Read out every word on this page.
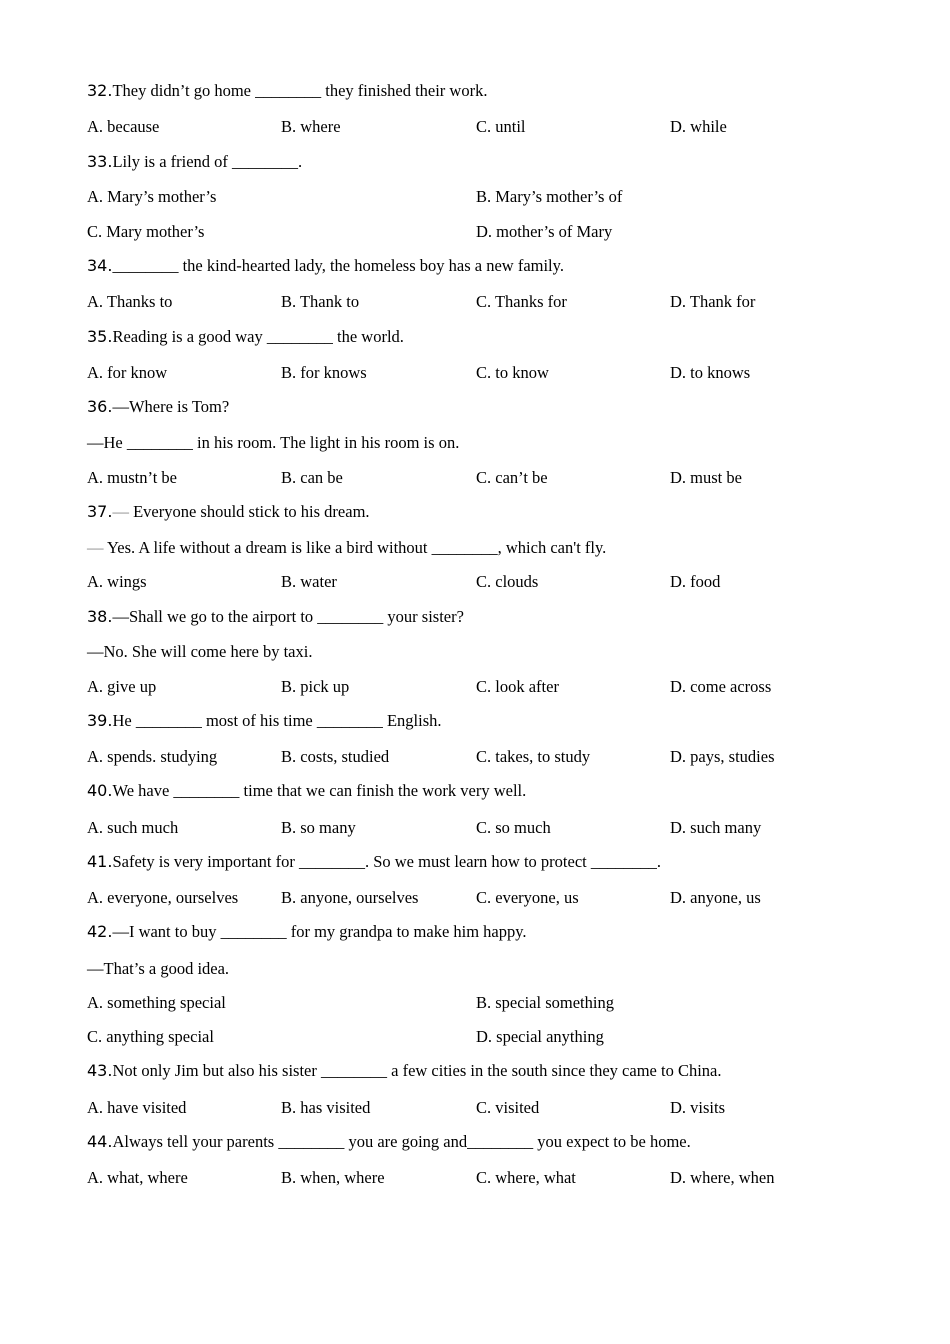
32.They didn’t go home ________ they finished their work.
A. because	B. where	C. until	D. while
33.Lily is a friend of ________.
A. Mary’s mother’s	B. Mary’s mother’s of
C. Mary mother’s	D. mother’s of Mary
34.________ the kind-hearted lady, the homeless boy has a new family.
A. Thanks to	B. Thank to	C. Thanks for	D. Thank for
35.Reading is a good way ________ the world.
A. for know	B. for knows	C. to know	D. to knows
36.—Where is Tom?
—He ________ in his room. The light in his room is on.
A. mustn’t be	B. can be	C. can’t be	D. must be
37.— Everyone should stick to his dream.
— Yes. A life without a dream is like a bird without ________, which can't fly.
A. wings	B. water	C. clouds	D. food
38.—Shall we go to the airport to ________ your sister?
—No. She will come here by taxi.
A. give up	B. pick up	C. look after	D. come across
39.He ________ most of his time ________ English.
A. spends. studying	B. costs, studied	C. takes, to study	D. pays, studies
40.We have ________ time that we can finish the work very well.
A. such much	B. so many	C. so much	D. such many
41.Safety is very important for ________. So we must learn how to protect ________.
A. everyone, ourselves	B. anyone, ourselves	C. everyone, us	D. anyone, us
42.—I want to buy ________ for my grandpa to make him happy.
—That’s a good idea.
A. something special	B. special something
C. anything special	D. special anything
43.Not only Jim but also his sister ________ a few cities in the south since they came to China.
A. have visited	B. has visited	C. visited	D. visits
44.Always tell your parents ________ you are going and________ you expect to be home.
A. what, where	B. when, where	C. where, what	D. where, when
